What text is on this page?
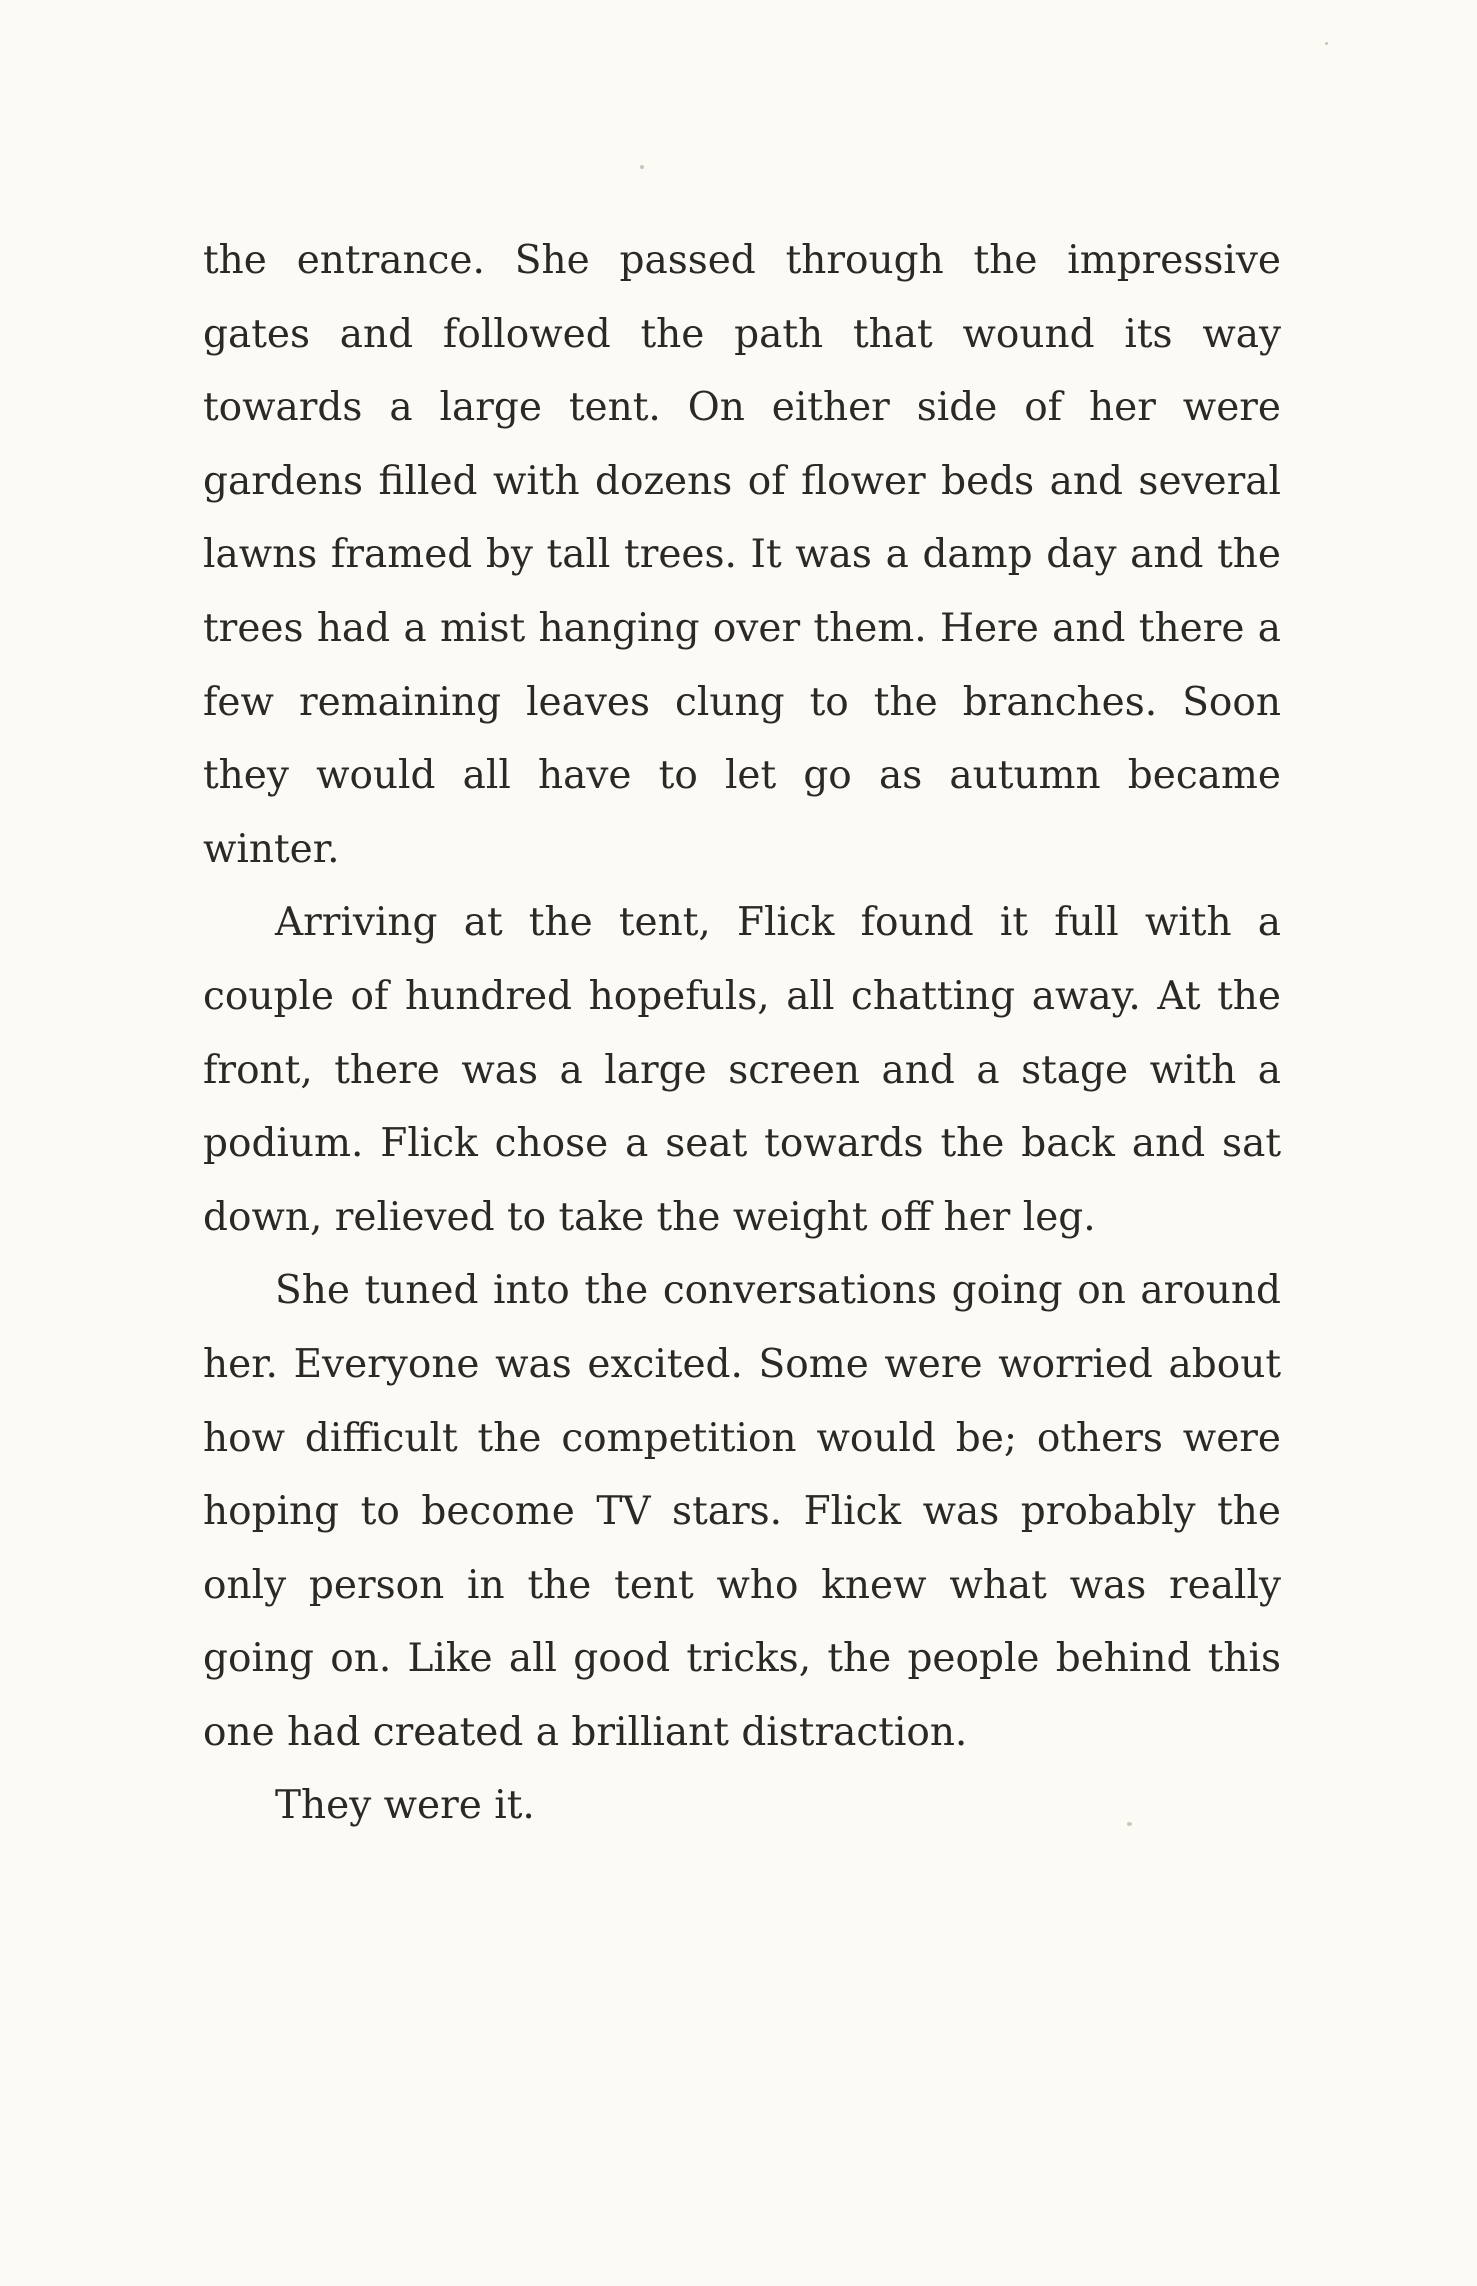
the entrance. She passed through the impressive gates and followed the path that wound its way towards a large tent. On either side of her were gardens filled with dozens of flower beds and several lawns framed by tall trees. It was a damp day and the trees had a mist hanging over them. Here and there a few remaining leaves clung to the branches. Soon they would all have to let go as autumn became winter.

Arriving at the tent, Flick found it full with a couple of hundred hopefuls, all chatting away. At the front, there was a large screen and a stage with a podium. Flick chose a seat towards the back and sat down, relieved to take the weight off her leg.

She tuned into the conversations going on around her. Everyone was excited. Some were worried about how difficult the competition would be; others were hoping to become TV stars. Flick was probably the only person in the tent who knew what was really going on. Like all good tricks, the people behind this one had created a brilliant distraction.

They were it.
